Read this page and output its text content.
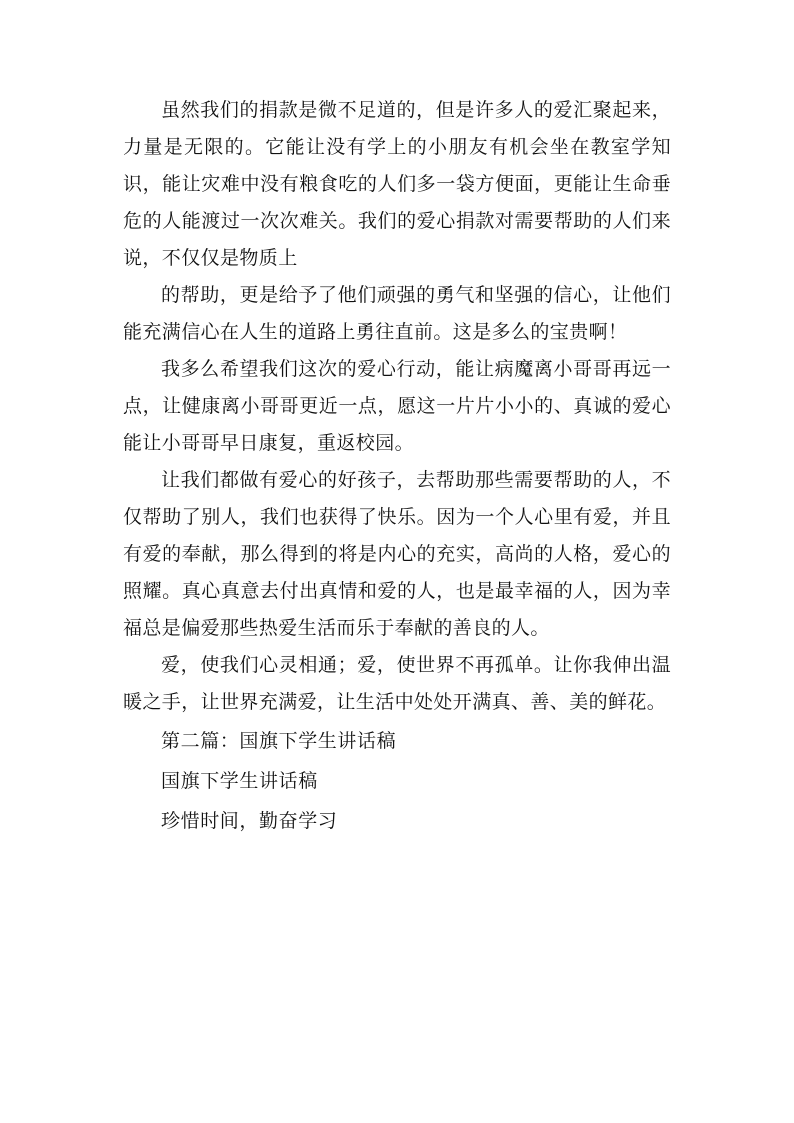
虽然我们的捐款是微不足道的，但是许多人的爱汇聚起来，力量是无限的。它能让没有学上的小朋友有机会坐在教室学知识，能让灾难中没有粮食吃的人们多一袋方便面，更能让生命垂危的人能渡过一次次难关。我们的爱心捐款对需要帮助的人们来说，不仅仅是物质上

的帮助，更是给予了他们顽强的勇气和坚强的信心，让他们能充满信心在人生的道路上勇往直前。这是多么的宝贵啊！

我多么希望我们这次的爱心行动，能让病魔离小哥哥再远一点，让健康离小哥哥更近一点，愿这一片片小小的、真诚的爱心能让小哥哥早日康复，重返校园。

让我们都做有爱心的好孩子，去帮助那些需要帮助的人，不仅帮助了别人，我们也获得了快乐。因为一个人心里有爱，并且有爱的奉献，那么得到的将是内心的充实，高尚的人格，爱心的照耀。真心真意去付出真情和爱的人，也是最幸福的人，因为幸福总是偏爱那些热爱生活而乐于奉献的善良的人。

爱，使我们心灵相通；爱，使世界不再孤单。让你我伸出温暖之手，让世界充满爱，让生活中处处开满真、善、美的鲜花。

第二篇：国旗下学生讲话稿

国旗下学生讲话稿

珍惜时间，勤奋学习
